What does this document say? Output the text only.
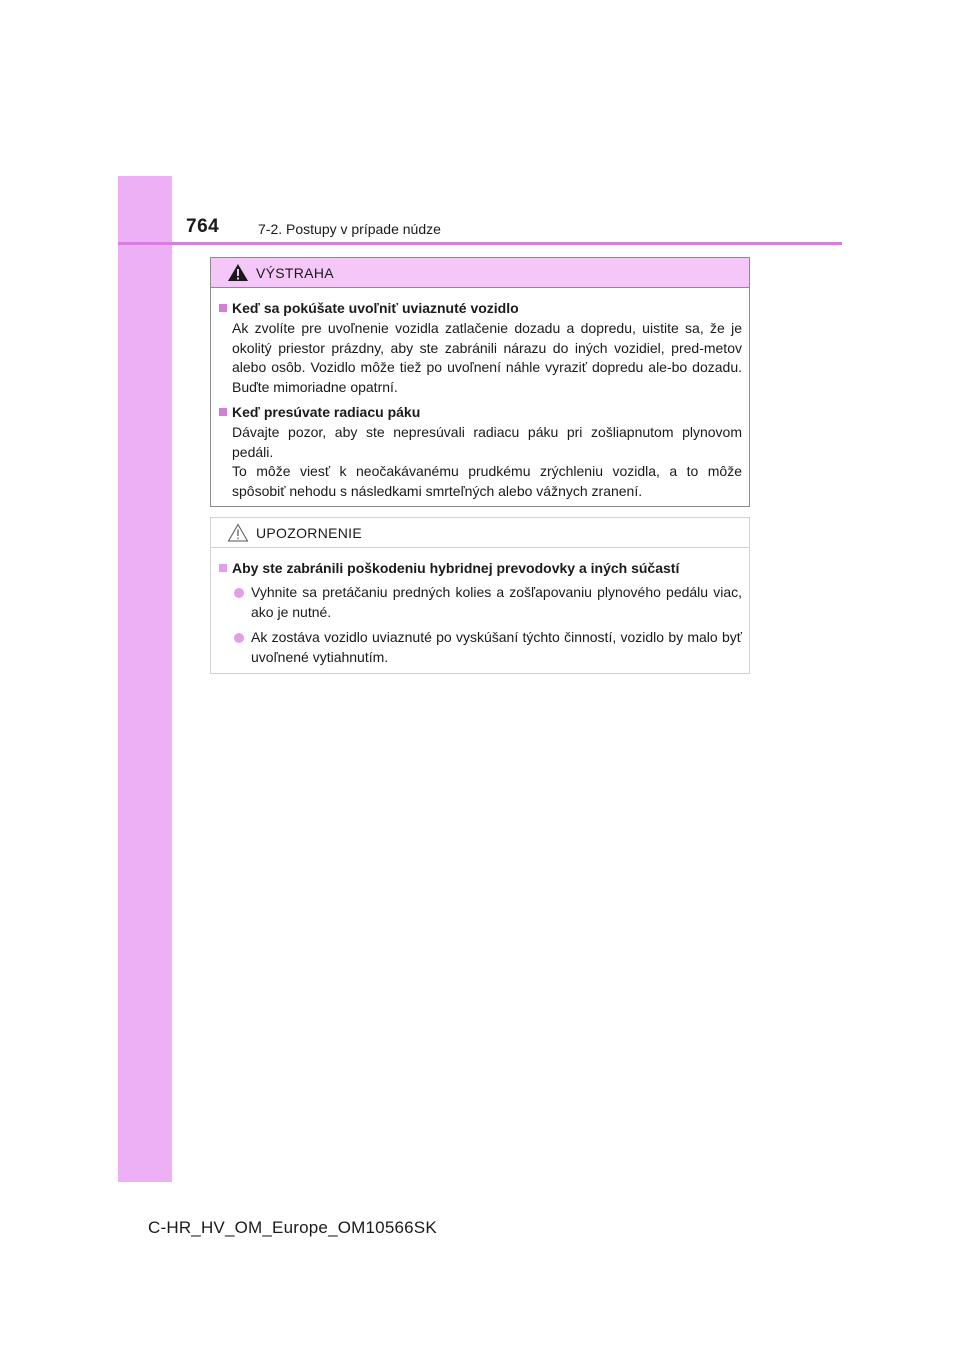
764	7-2. Postupy v prípade núdze
VÝSTRAHA
Keď sa pokúšate uvoľniť uviaznuté vozidlo
Ak zvolíte pre uvoľnenie vozidla zatlačenie dozadu a dopredu, uistite sa, že je okolitý priestor prázdny, aby ste zabránili nárazu do iných vozidiel, pred-metov alebo osôb. Vozidlo môže tiež po uvoľnení náhle vyraziť dopredu ale-bo dozadu. Buďte mimoriadne opatrní.
Keď presúvate radiacu páku
Dávajte pozor, aby ste nepresúvali radiacu páku pri zošliapnutom plynovom pedáli.
To môže viesť k neočakávanému prudkému zrýchleniu vozidla, a to môže spôsobiť nehodu s následkami smrteľných alebo vážnych zranení.
UPOZORNENIE
Aby ste zabránili poškodeniu hybridnej prevodovky a iných súčastí
Vyhnite sa pretáčaniu predných kolies a zošľapovaniu plynového pedálu viac, ako je nutné.
Ak zostáva vozidlo uviaznuté po vyskúšaní týchto činností, vozidlo by malo byť uvoľnené vytiahnutím.
C-HR_HV_OM_Europe_OM10566SK
